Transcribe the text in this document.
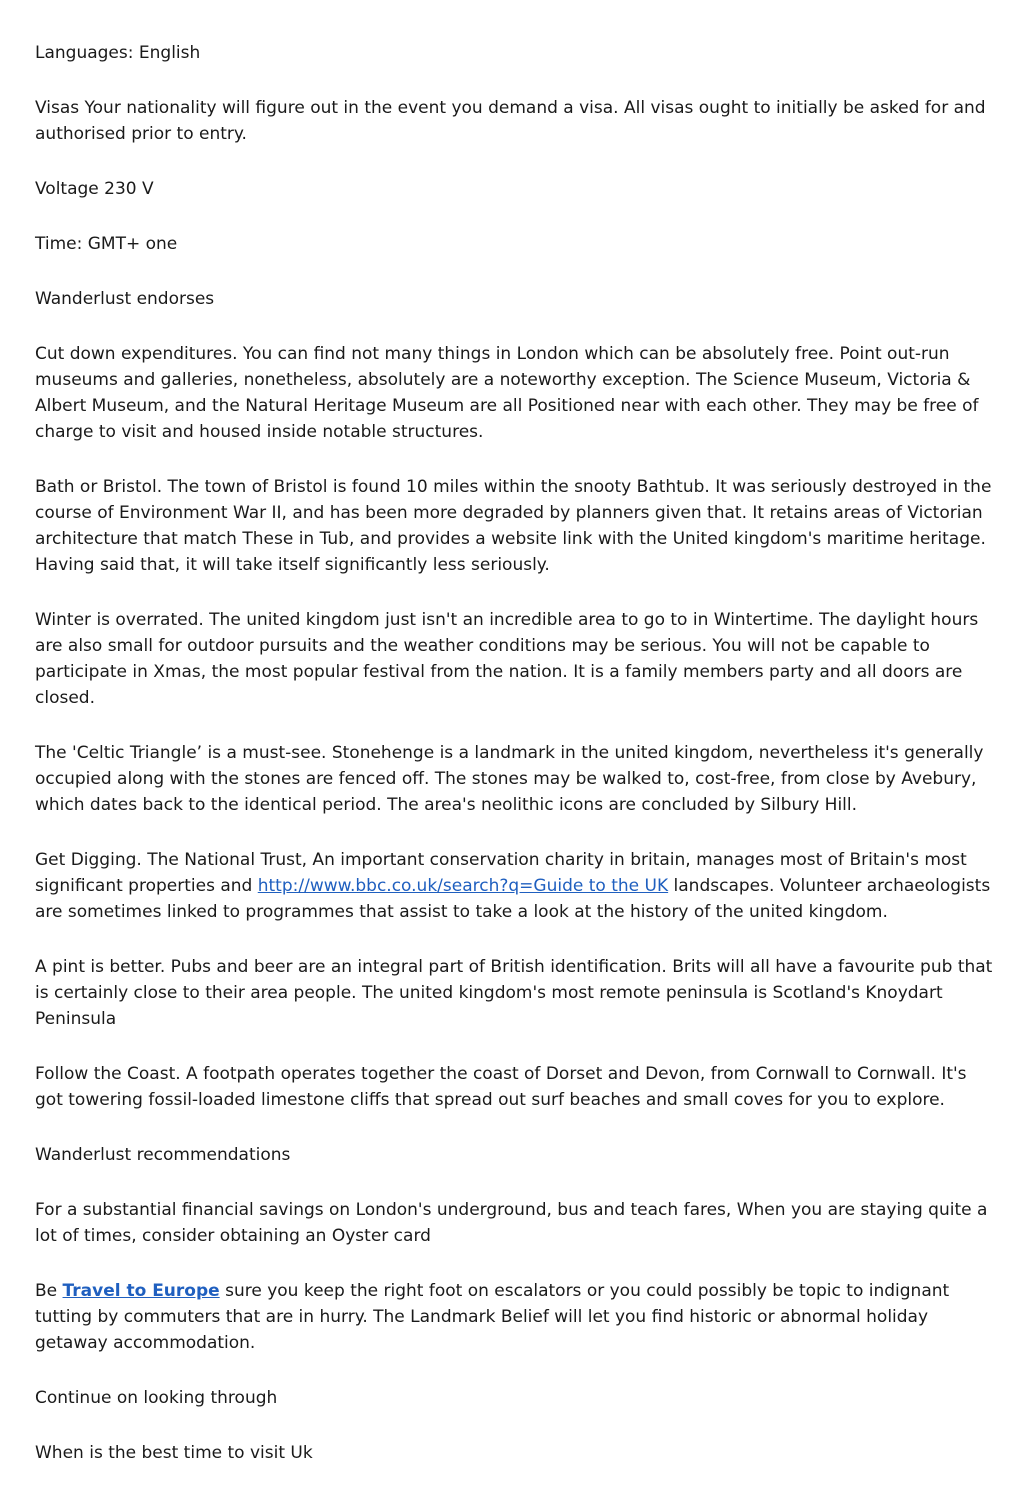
Languages: English

Visas Your nationality will figure out in the event you demand a visa. All visas ought to initially be asked for and authorised prior to entry.

Voltage 230 V

Time: GMT+ one

Wanderlust endorses

Cut down expenditures. You can find not many things in London which can be absolutely free. Point out-run museums and galleries, nonetheless, absolutely are a noteworthy exception. The Science Museum, Victoria & Albert Museum, and the Natural Heritage Museum are all Positioned near with each other. They may be free of charge to visit and housed inside notable structures.

Bath or Bristol. The town of Bristol is found 10 miles within the snooty Bathtub. It was seriously destroyed in the course of Environment War II, and has been more degraded by planners given that. It retains areas of Victorian architecture that match These in Tub, and provides a website link with the United kingdom's maritime heritage. Having said that, it will take itself significantly less seriously.

Winter is overrated. The united kingdom just isn't an incredible area to go to in Wintertime. The daylight hours are also small for outdoor pursuits and the weather conditions may be serious. You will not be capable to participate in Xmas, the most popular festival from the nation. It is a family members party and all doors are closed.

The 'Celtic Triangle’ is a must-see. Stonehenge is a landmark in the united kingdom, nevertheless it's generally occupied along with the stones are fenced off. The stones may be walked to, cost-free, from close by Avebury, which dates back to the identical period. The area's neolithic icons are concluded by Silbury Hill.

Get Digging. The National Trust, An important conservation charity in britain, manages most of Britain's most significant properties and http://www.bbc.co.uk/search?q=Guide to the UK landscapes. Volunteer archaeologists are sometimes linked to programmes that assist to take a look at the history of the united kingdom.

A pint is better. Pubs and beer are an integral part of British identification. Brits will all have a favourite pub that is certainly close to their area people. The united kingdom's most remote peninsula is Scotland's Knoydart Peninsula

Follow the Coast. A footpath operates together the coast of Dorset and Devon, from Cornwall to Cornwall. It's got towering fossil-loaded limestone cliffs that spread out surf beaches and small coves for you to explore.

Wanderlust recommendations

For a substantial financial savings on London's underground, bus and teach fares, When you are staying quite a lot of times, consider obtaining an Oyster card

Be Travel to Europe sure you keep the right foot on escalators or you could possibly be topic to indignant tutting by commuters that are in hurry. The Landmark Belief will let you find historic or abnormal holiday getaway accommodation.

Continue on looking through

When is the best time to visit Uk
